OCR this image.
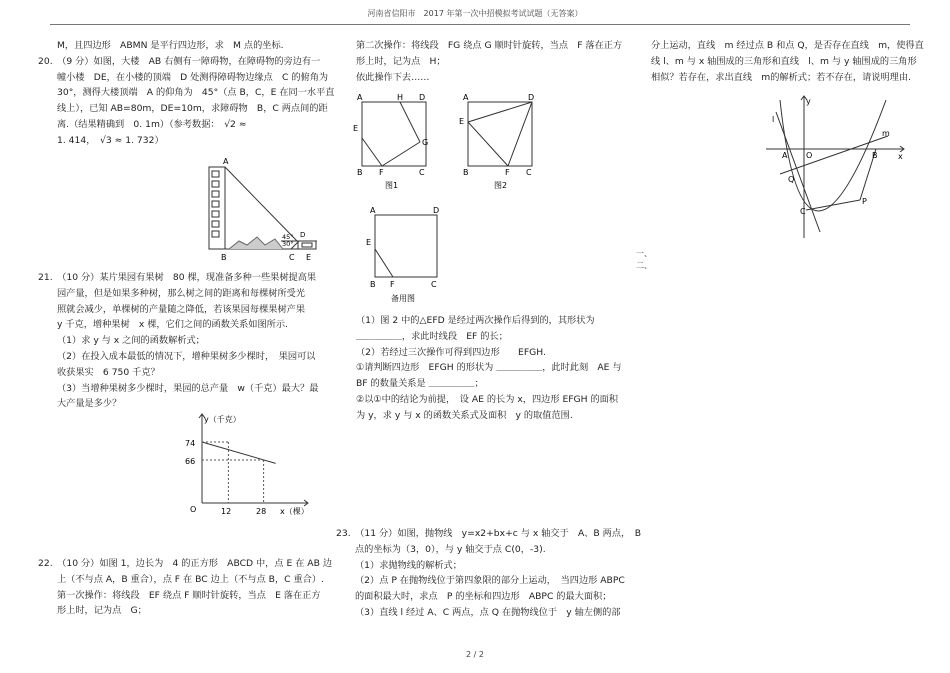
河南省信阳市　2017 年第一次中招模拟考试试题（无答案）

M，且四边形　ABMN 是平行四边形，求　M 点的坐标.

20.　（9 分）如图，大楼　AB 右侧有一障碍物，在障碍物的旁边有一

幢小楼　DE，在小楼的顶端　D 处测得障碍物边缘点　C 的俯角为

30°，测得大楼顶端　A 的仰角为　45°（点 B，C，E 在同一水平直

线上），已知 AB=80m，DE=10m，求障碍物　B，C 两点间的距

离.（结果精确到　0. 1m）（参考数据：　√2 ≈

1. 414，　√3 ≈ 1. 732）

A
B	C
D
E
45°
30°

21.　（10 分）某片果园有果树　80 棵，现准备多种一些果树提高果

园产量，但是如果多种树，那么树之间的距离和每棵树所受光

照就会减少，单棵树的产量随之降低，若该果园每棵果树产果

y 千克，增种果树　x 棵，它们之间的函数关系如图所示.

（1）求 y 与 x 之间的函数解析式；

（2）在投入成本最低的情况下，增种果树多少棵时，　果园可以

收获果实　6 750 千克？

（3）当增种果树多少棵时，果园的总产量　w（千克）最大？最

大产量是多少？

y（千克）
x（棵）
O
74
66
12	28

22.　（10 分）如图 1，边长为　4 的正方形　ABCD 中，点 E 在 AB 边

上（不与点 A，B 重合），点 F 在 BC 边上（不与点 B，C 重合）.

第一次操作：将线段　EF 绕点 F 顺时针旋转，当点　E 落在正方

形上时，记为点　G；

第二次操作：将线段　FG 绕点 G 顺时针旋转，当点　F 落在正方

形上时，记为点　H；

依此操作下去……

A	H D
E
G
B F	C
图1
A	D
E
B	F C
图2
A	D
E
B F	C
备用图

（1）图 2 中的△EFD 是经过两次操作后得到的，其形状为

＿＿＿＿＿，求此时线段　EF 的长；

（2）若经过三次操作可得到四边形　　EFGH.

①请判断四边形　EFGH 的形状为 ＿＿＿＿＿，此时此刻　AE 与

BF 的数量关系是 ＿＿＿＿＿；

②以①中的结论为前提，　设 AE 的长为 x，四边形 EFGH 的面积

为 y，求 y 与 x 的函数关系式及面积　y 的取值范围.

23.　（11 分）如图，抛物线　y=x2+bx+c 与 x 轴交于　A、B 两点，　B

点的坐标为（3，0），与 y 轴交于点 C(0，-3).

（1）求抛物线的解析式；

（2）点 P 在抛物线位于第四象限的部分上运动，　当四边形 ABPC

的面积最大时，求点　P 的坐标和四边形　ABPC 的最大面积；

（3）直线 l 经过 A、C 两点，点 Q 在抛物线位于　y 轴左侧的部

分上运动，直线　m 经过点 B 和点 Q，是否存在直线　m，使得直

线 l、m 与 x 轴围成的三角形和直线　l、m 与 y 轴围成的三角形

相似？若存在，求出直线　m的解析式；若不存在，请说明理由.

y
x
O
A	B
C
P
Q
l
m
一、
二、
2 / 2
